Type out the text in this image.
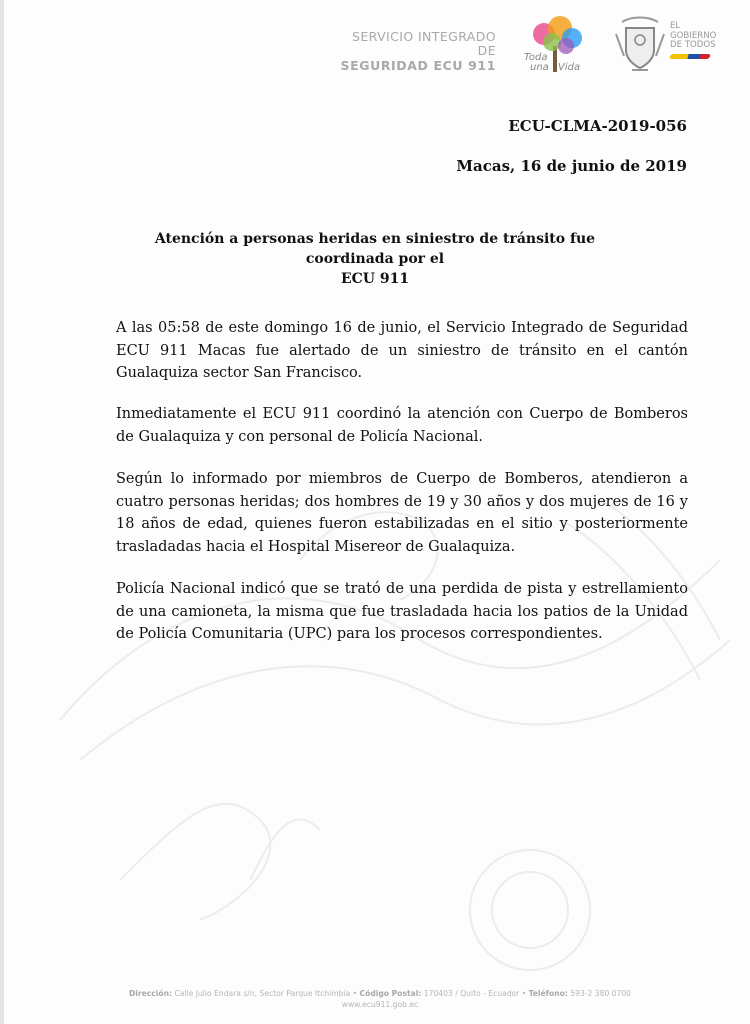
SERVICIO INTEGRADO DE
SEGURIDAD ECU 911
Toda
una Vida
EL
GOBIERNO
DE TODOS
ECU-CLMA-2019-056
Macas, 16 de junio de 2019
Atención a personas heridas en siniestro de tránsito fue coordinada por el
ECU 911

A las 05:58 de este domingo 16 de junio, el Servicio Integrado de Seguridad ECU 911 Macas fue alertado de un siniestro de tránsito en el cantón Gualaquiza sector San Francisco.

Inmediatamente el ECU 911 coordinó la atención con Cuerpo de Bomberos de Gualaquiza y con personal de Policía Nacional.

Según lo informado por miembros de Cuerpo de Bomberos, atendieron a cuatro personas heridas; dos hombres de 19 y 30 años y dos mujeres de 16 y 18 años de edad, quienes fueron estabilizadas en el sitio y posteriormente trasladadas hacia el Hospital Misereor de Gualaquiza.

Policía Nacional indicó que se trató de una perdida de pista y estrellamiento de una camioneta, la misma que fue trasladada hacia los patios de la Unidad de Policía Comunitaria (UPC) para los procesos correspondientes.

Dirección: Calle Julio Endara s/n, Sector Parque Itchimbía • Código Postal: 170403 / Quito - Ecuador • Teléfono: 593-2 380 0700
www.ecu911.gob.ec
